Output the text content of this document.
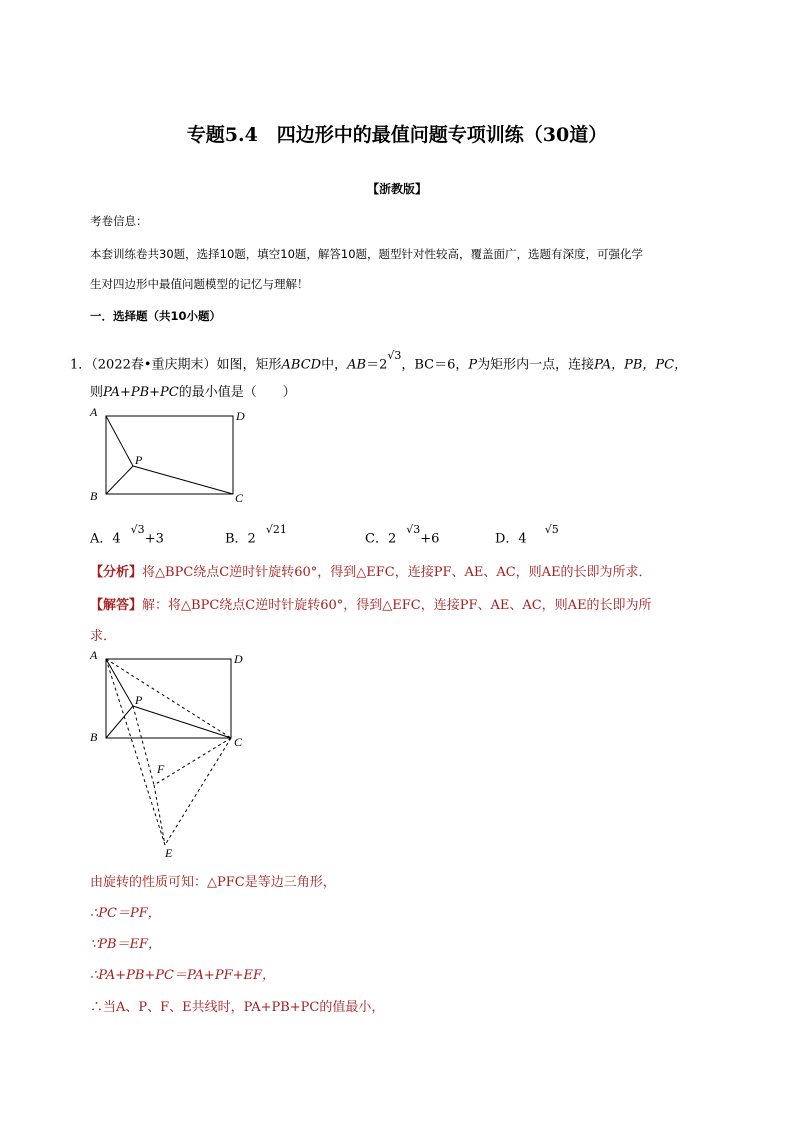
专题5.4　四边形中的最值问题专项训练（30道）
【浙教版】
考卷信息：
本套训练卷共30题，选择10题，填空10题，解答10题，题型针对性较高，覆盖面广，选题有深度，可强化学
生对四边形中最值问题模型的记忆与理解！
一．选择题（共10小题）
1．（2022春•重庆期末）如图，矩形ABCD中，$AB=2^{√3}$，BC＝6，P为矩形内一点，连接PA，PB，PC，
则PA+PB+PC的最小值是（　　）
A	D
P
B	C
A．$4^{√3}+3$	B．$2^{√21}$
C．$2^{√3}+6$	D．$4^{√5}$
【分析】将△BPC绕点C逆时针旋转60°，得到△EFC，连接PF、AE、AC，则AE的长即为所求．
【解答】解：将△BPC绕点C逆时针旋转60°，得到△EFC，连接PF、AE、AC，则AE的长即为所
求．
A	D
P
B	C
F
E
由旋转的性质可知：△PFC是等边三角形，
∴PC＝PF，
∵PB＝EF，
∴PA+PB+PC＝PA+PF+EF，
∴当A、P、F、E共线时，PA+PB+PC的值最小，
